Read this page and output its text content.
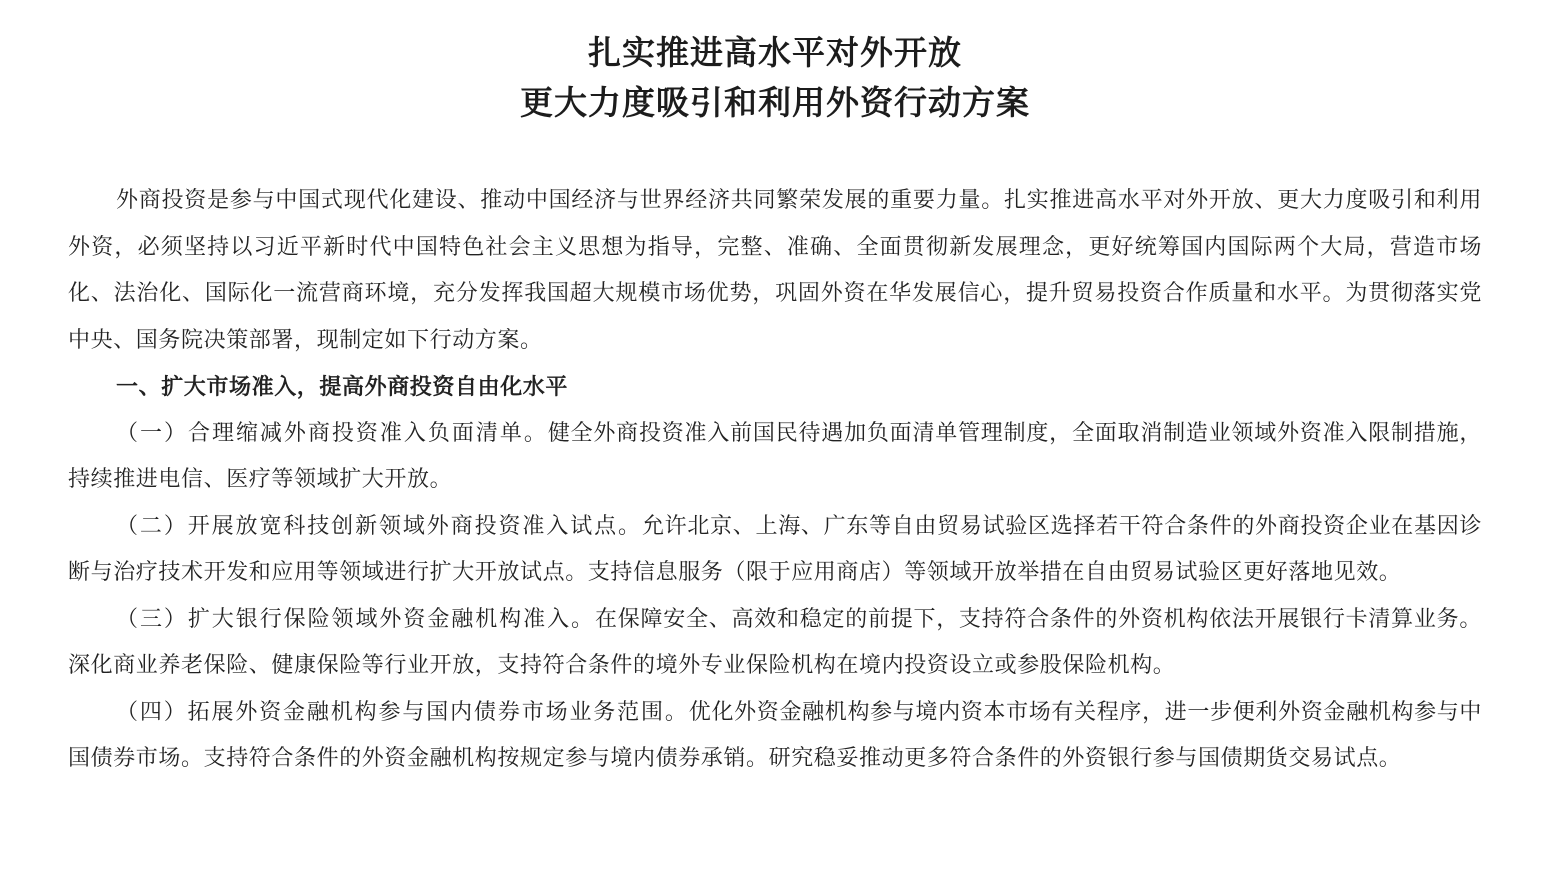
扎实推进高水平对外开放
更大力度吸引和利用外资行动方案

外商投资是参与中国式现代化建设、推动中国经济与世界经济共同繁荣发展的重要力量。扎实推进高水平对外开放、更大力度吸引和利用外资，必须坚持以习近平新时代中国特色社会主义思想为指导，完整、准确、全面贯彻新发展理念，更好统筹国内国际两个大局，营造市场化、法治化、国际化一流营商环境，充分发挥我国超大规模市场优势，巩固外资在华发展信心，提升贸易投资合作质量和水平。为贯彻落实党中央、国务院决策部署，现制定如下行动方案。

一、扩大市场准入，提高外商投资自由化水平

（一）合理缩减外商投资准入负面清单。健全外商投资准入前国民待遇加负面清单管理制度，全面取消制造业领域外资准入限制措施，持续推进电信、医疗等领域扩大开放。

（二）开展放宽科技创新领域外商投资准入试点。允许北京、上海、广东等自由贸易试验区选择若干符合条件的外商投资企业在基因诊断与治疗技术开发和应用等领域进行扩大开放试点。支持信息服务（限于应用商店）等领域开放举措在自由贸易试验区更好落地见效。

（三）扩大银行保险领域外资金融机构准入。在保障安全、高效和稳定的前提下，支持符合条件的外资机构依法开展银行卡清算业务。深化商业养老保险、健康保险等行业开放，支持符合条件的境外专业保险机构在境内投资设立或参股保险机构。

（四）拓展外资金融机构参与国内债券市场业务范围。优化外资金融机构参与境内资本市场有关程序，进一步便利外资金融机构参与中国债券市场。支持符合条件的外资金融机构按规定参与境内债券承销。研究稳妥推动更多符合条件的外资银行参与国债期货交易试点。
